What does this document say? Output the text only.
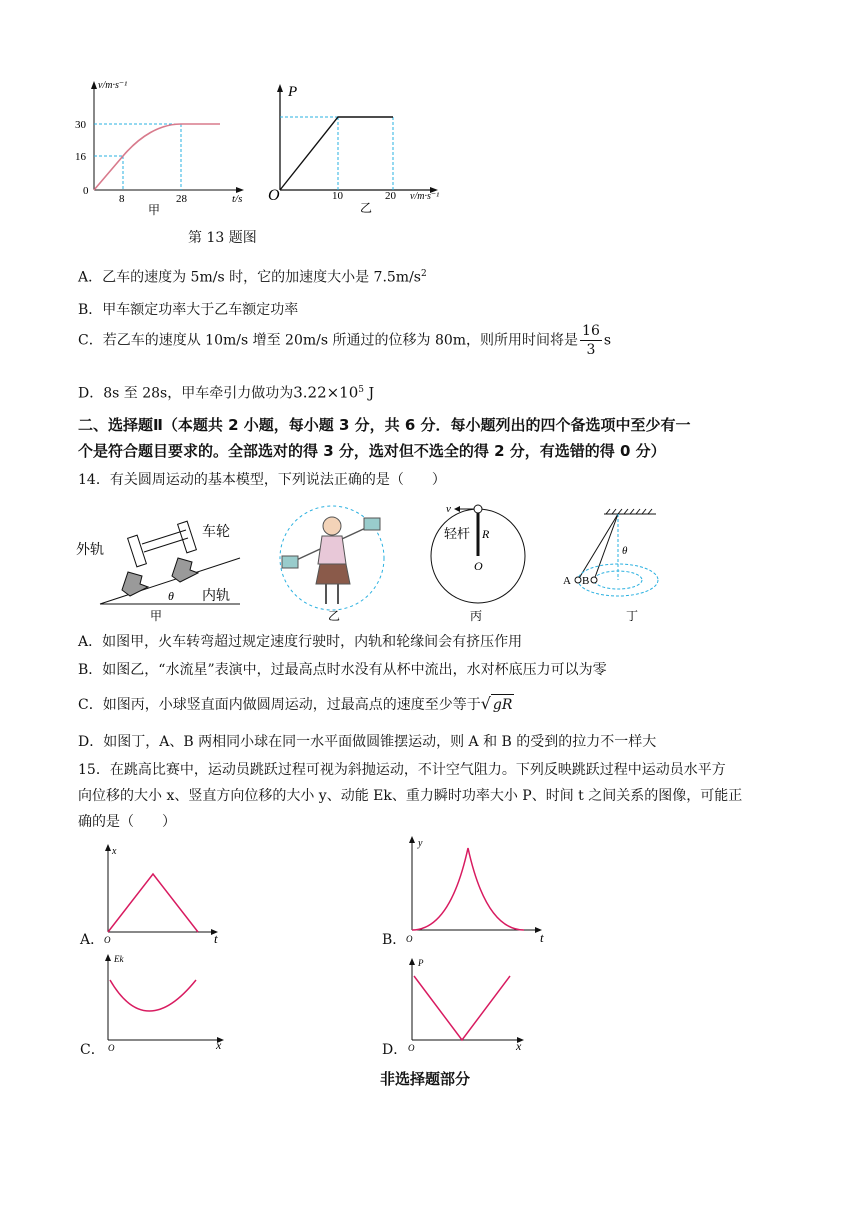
v/m·s⁻¹
t/s
30
16
0
8	28
甲
P
O	10	20 v/m·s⁻¹
乙
第 13 题图
A．乙车的速度为 5m/s 时，它的加速度大小是 $7.5m/s^2$
B．甲车额定功率大于乙车额定功率
C．若乙车的速度从 10m/s 增至 20m/s 所通过的位移为 80m，则所用时间将是 $\frac{16}{3}$ s
D．8s 至 28s，甲车牵引力做功为$3.22\times 10^5$ J
二、选择题Ⅱ（本题共 2 小题，每小题 3 分，共 6 分．每小题列出的四个备选项中至少有一
个是符合题目要求的。全部选对的得 3 分，选对但不选全的得 2 分，有选错的得 0 分）
14．有关圆周运动的基本模型，下列说法正确的是（　　）
外轨
车轮
内轨
θ
甲	乙
v
轻杆 R
O
丙
θ
A B
丁
A．如图甲，火车转弯超过规定速度行驶时，内轨和轮缘间会有挤压作用
B．如图乙，“水流星”表演中，过最高点时水没有从杯中流出，水对杯底压力可以为零
C．如图丙，小球竖直面内做圆周运动，过最高点的速度至少等于√ gR
D．如图丁，A、B 两相同小球在同一水平面做圆锥摆运动，则 A 和 B 的受到的拉力不一样大
15．在跳高比赛中，运动员跳跃过程可视为斜抛运动，不计空气阻力。下列反映跳跃过程中运动员水平方
向位移的大小 x、竖直方向位移的大小 y、动能 Ek、重力瞬时功率大小 P、时间 t 之间关系的图像，可能正
确的是（　　）
A．
x
t
O	B．
y
t
O
C．
Ek
x
O	D．
P
x
O
非选择题部分
